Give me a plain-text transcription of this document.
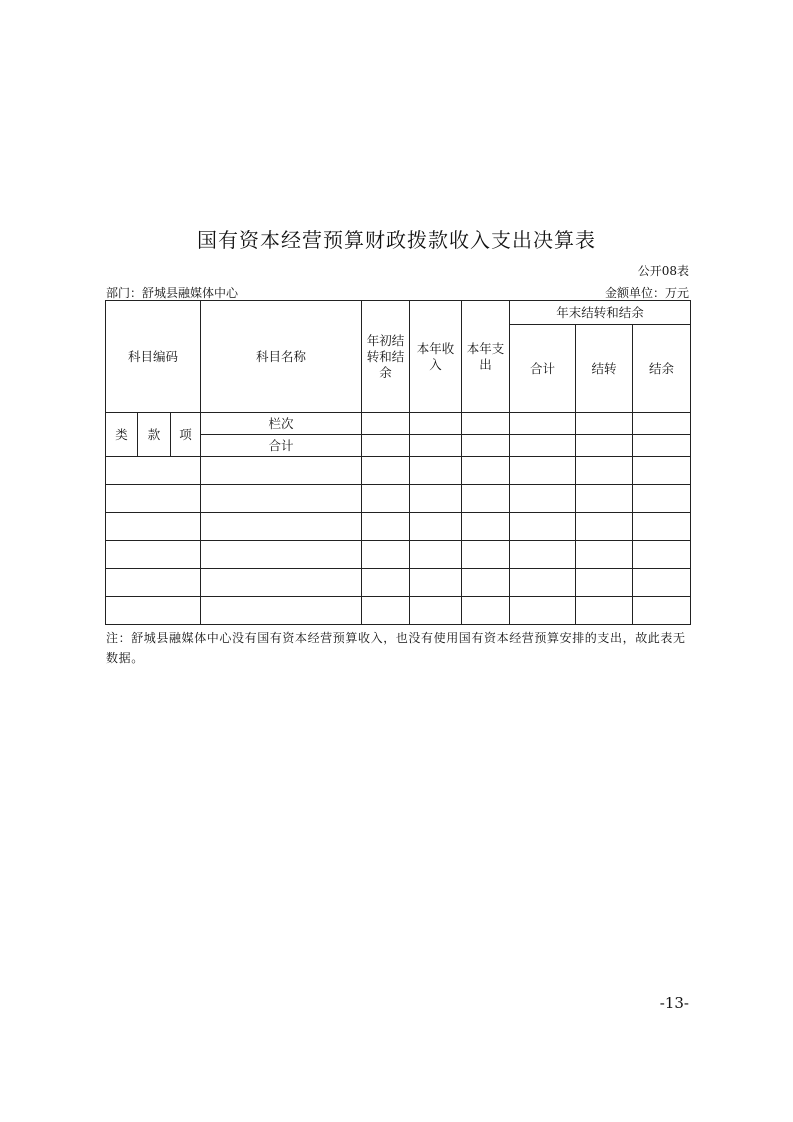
国有资本经营预算财政拨款收入支出决算表
公开08表
部门：舒城县融媒体中心	金额单位：万元
科目编码			科目名称	年初结转和结余	本年收入	本年支出	年末结转和结余		
							合计	结转	结余
类	款	项	栏次						
			合计						

注：舒城县融媒体中心没有国有资本经营预算收入，也没有使用国有资本经营预算安排的支出，故此表无数据。
-13-
